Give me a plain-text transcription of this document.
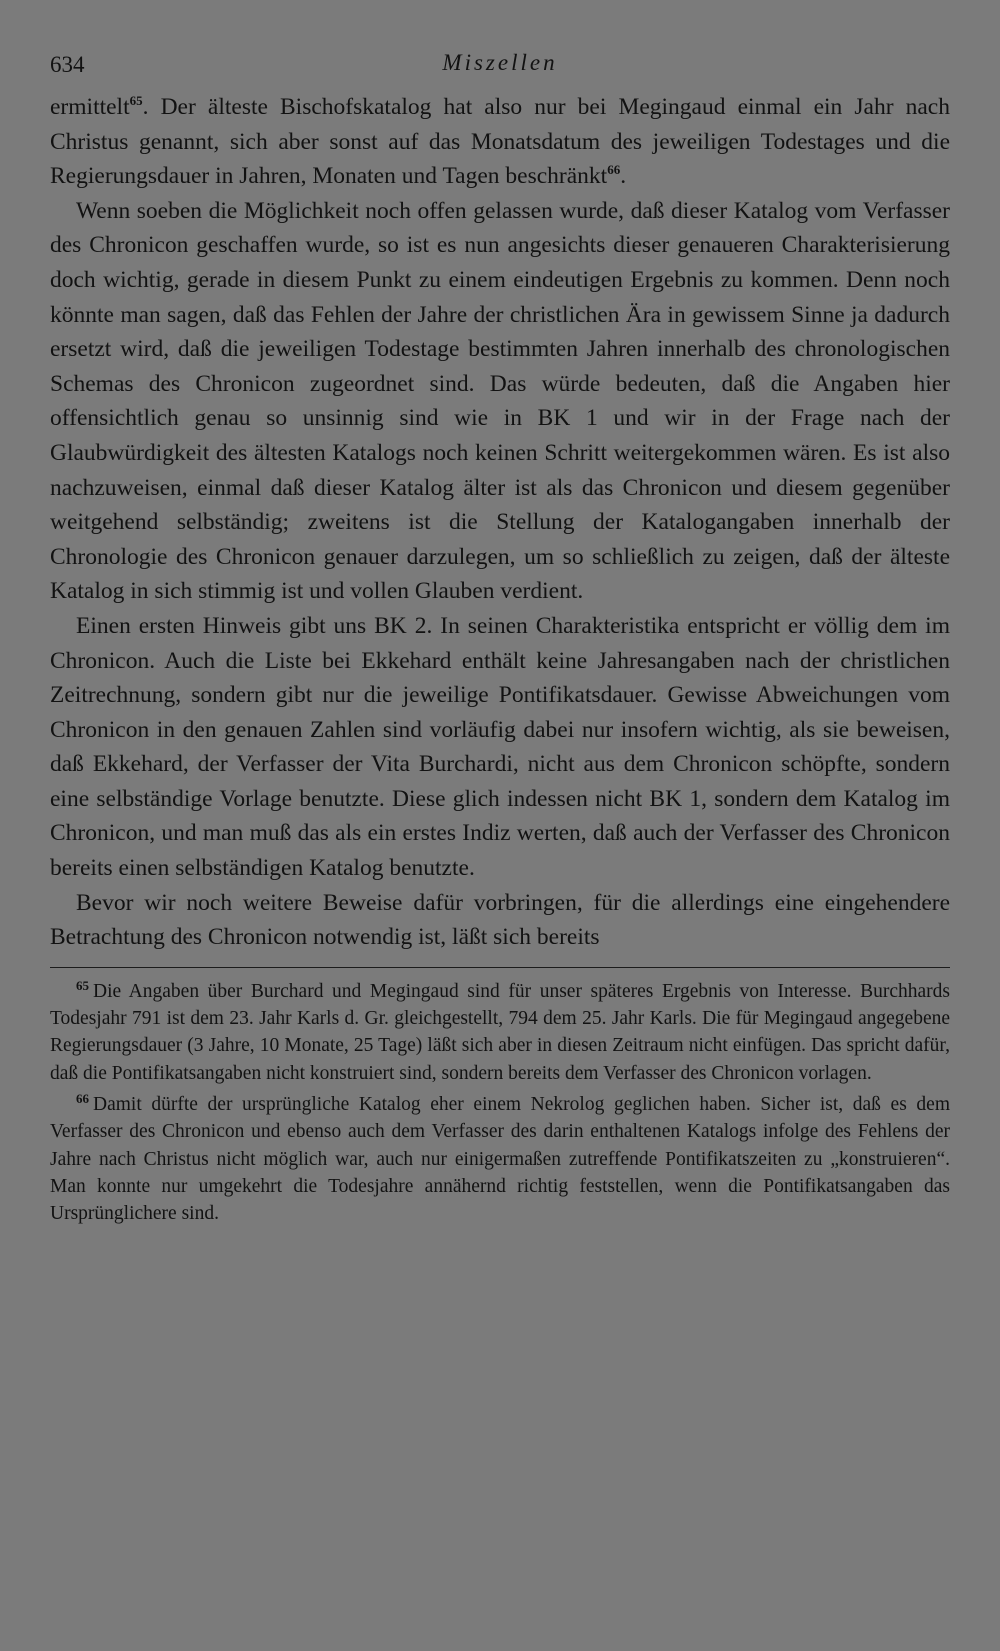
634	Miszellen

ermittelt$^{65}$. Der älteste Bischofskatalog hat also nur bei Megingaud einmal ein Jahr nach Christus genannt, sich aber sonst auf das Monatsdatum des jeweiligen Todestages und die Regierungsdauer in Jahren, Monaten und Tagen beschränkt$^{66}$.

Wenn soeben die Möglichkeit noch offen gelassen wurde, daß dieser Katalog vom Verfasser des Chronicon geschaffen wurde, so ist es nun angesichts dieser genaueren Charakterisierung doch wichtig, gerade in diesem Punkt zu einem eindeutigen Ergebnis zu kommen. Denn noch könnte man sagen, daß das Fehlen der Jahre der christlichen Ära in gewissem Sinne ja dadurch ersetzt wird, daß die jeweiligen Todestage bestimmten Jahren innerhalb des chronologischen Schemas des Chronicon zugeordnet sind. Das würde bedeuten, daß die Angaben hier offensichtlich genau so unsinnig sind wie in BK 1 und wir in der Frage nach der Glaubwürdigkeit des ältesten Katalogs noch keinen Schritt weitergekommen wären. Es ist also nachzuweisen, einmal daß dieser Katalog älter ist als das Chronicon und diesem gegenüber weitgehend selbständig; zweitens ist die Stellung der Katalogangaben innerhalb der Chronologie des Chronicon genauer darzulegen, um so schließlich zu zeigen, daß der älteste Katalog in sich stimmig ist und vollen Glauben verdient.

Einen ersten Hinweis gibt uns BK 2. In seinen Charakteristika entspricht er völlig dem im Chronicon. Auch die Liste bei Ekkehard enthält keine Jahresangaben nach der christlichen Zeitrechnung, sondern gibt nur die jeweilige Pontifikatsdauer. Gewisse Abweichungen vom Chronicon in den genauen Zahlen sind vorläufig dabei nur insofern wichtig, als sie beweisen, daß Ekkehard, der Verfasser der Vita Burchardi, nicht aus dem Chronicon schöpfte, sondern eine selbständige Vorlage benutzte. Diese glich indessen nicht BK 1, sondern dem Katalog im Chronicon, und man muß das als ein erstes Indiz werten, daß auch der Verfasser des Chronicon bereits einen selbständigen Katalog benutzte.

Bevor wir noch weitere Beweise dafür vorbringen, für die allerdings eine eingehendere Betrachtung des Chronicon notwendig ist, läßt sich bereits

$^{65}$ Die Angaben über Burchard und Megingaud sind für unser späteres Ergebnis von Interesse. Burchhards Todesjahr 791 ist dem 23. Jahr Karls d. Gr. gleichgestellt, 794 dem 25. Jahr Karls. Die für Megingaud angegebene Regierungsdauer (3 Jahre, 10 Monate, 25 Tage) läßt sich aber in diesen Zeitraum nicht einfügen. Das spricht dafür, daß die Pontifikatsangaben nicht konstruiert sind, sondern bereits dem Verfasser des Chronicon vorlagen.

$^{66}$ Damit dürfte der ursprüngliche Katalog eher einem Nekrolog geglichen haben. Sicher ist, daß es dem Verfasser des Chronicon und ebenso auch dem Verfasser des darin enthaltenen Katalogs infolge des Fehlens der Jahre nach Christus nicht möglich war, auch nur einigermaßen zutreffende Pontifikatszeiten zu „konstruieren“. Man konnte nur umgekehrt die Todesjahre annähernd richtig feststellen, wenn die Pontifikatsangaben das Ursprünglichere sind.
